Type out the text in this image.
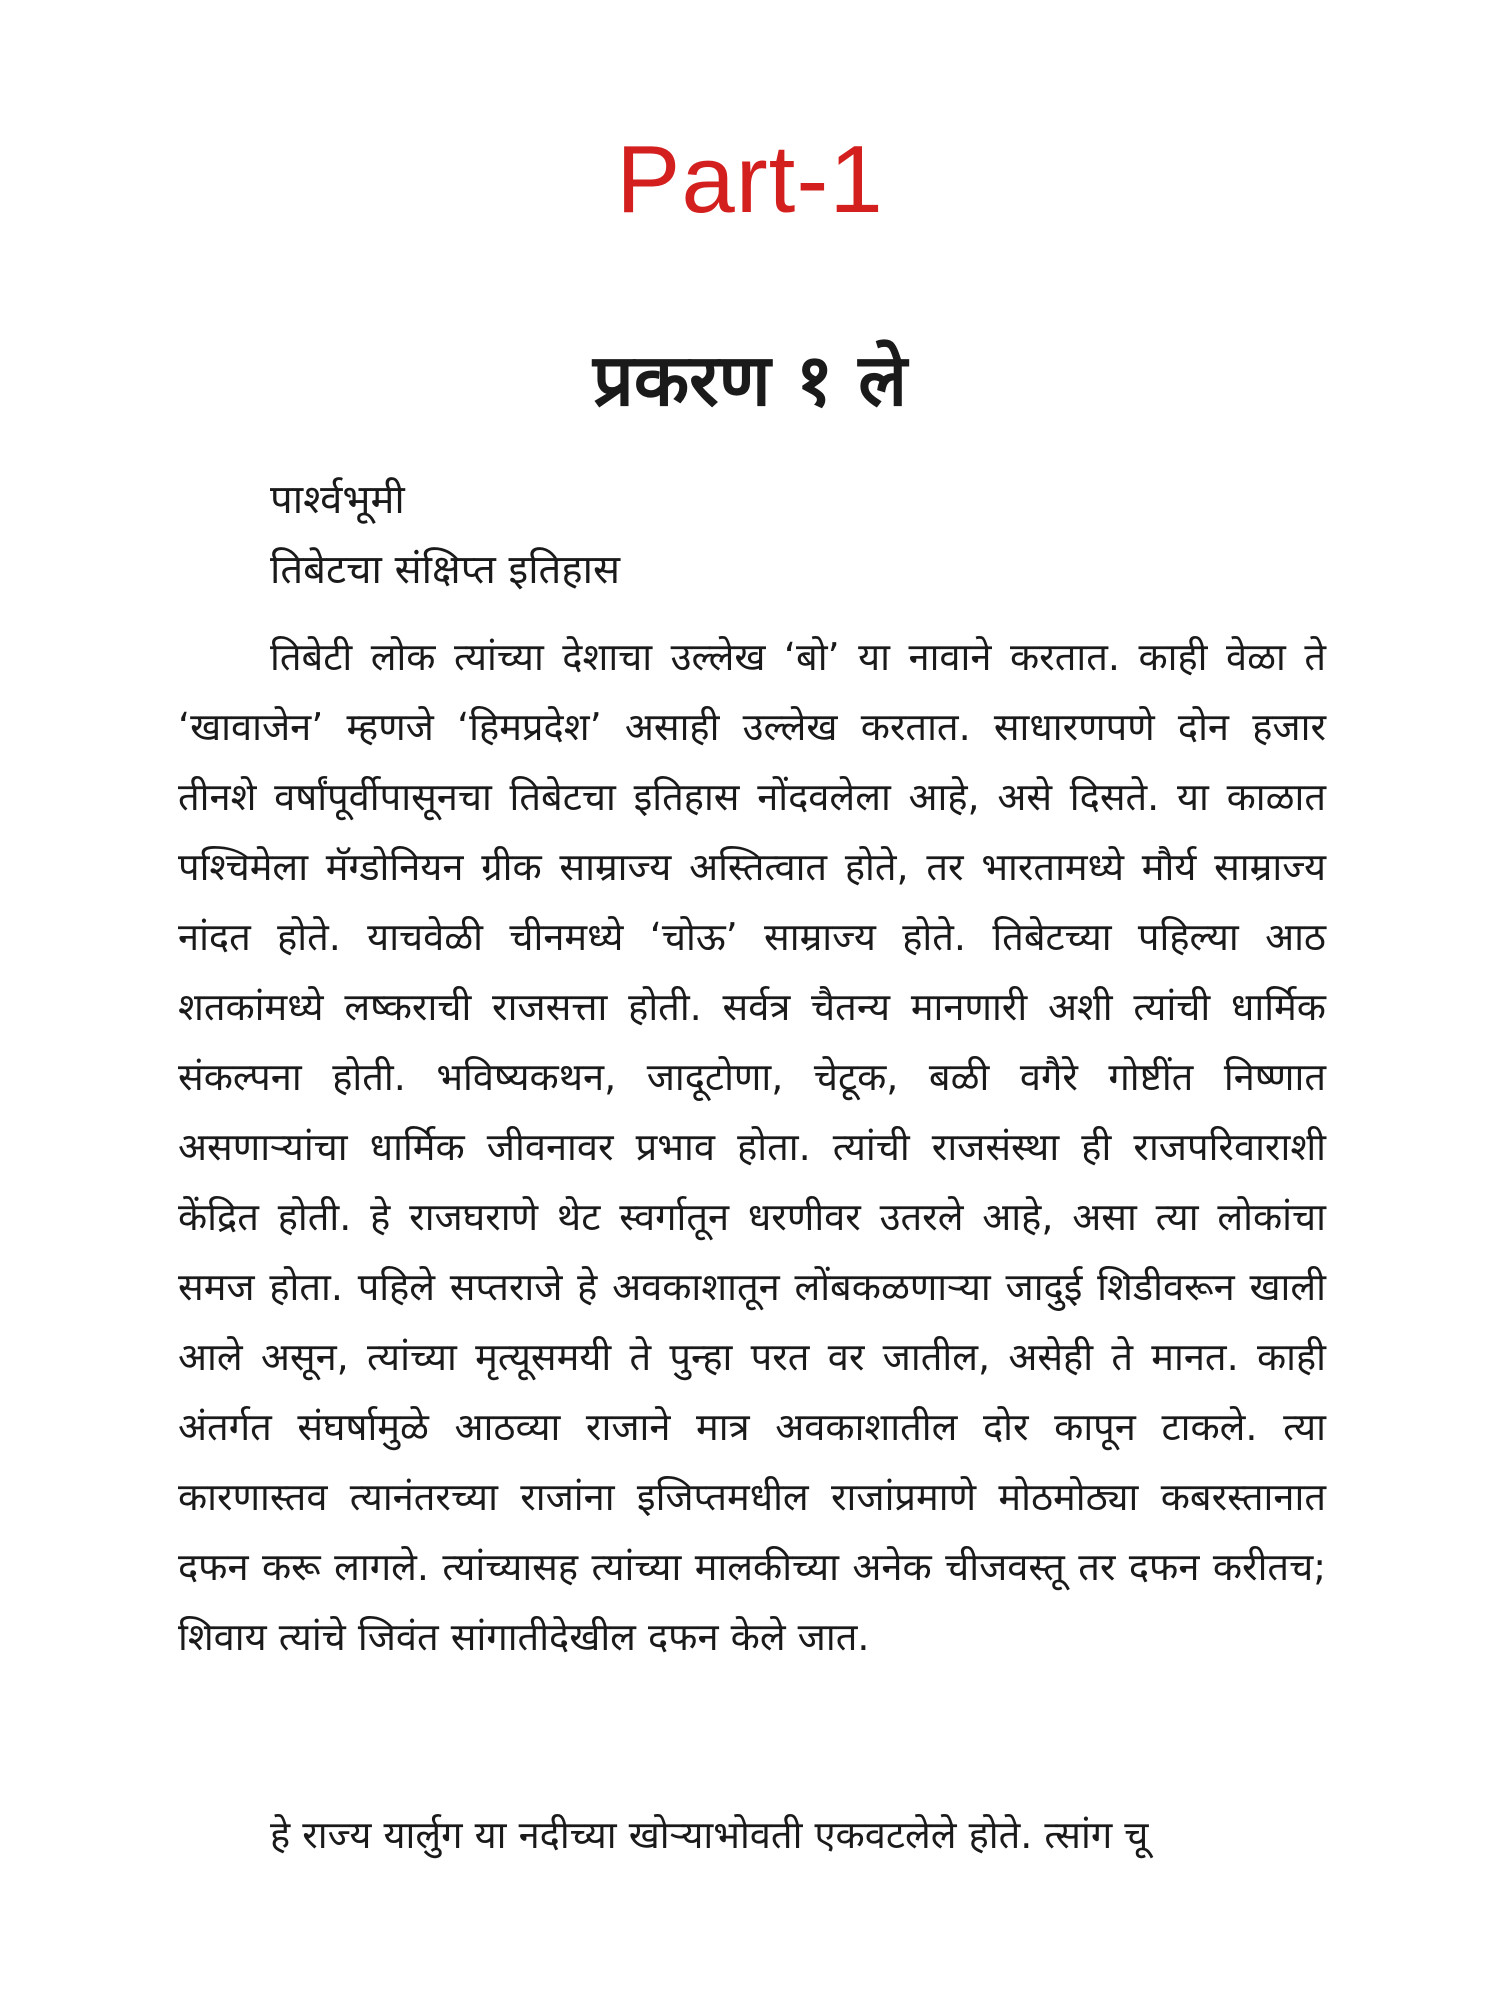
Part-1
प्रकरण १ ले
पार्श्वभूमी
तिबेटचा संक्षिप्त इतिहास

तिबेटी लोक त्यांच्या देशाचा उल्लेख ‘बो’ या नावाने करतात. काही वेळा ते ‘खावाजेन’ म्हणजे ‘हिमप्रदेश’ असाही उल्लेख करतात. साधारणपणे दोन हजार तीनशे वर्षांपूर्वीपासूनचा तिबेटचा इतिहास नोंदवलेला आहे, असे दिसते. या काळात पश्चिमेला मॅग्डोनियन ग्रीक साम्राज्य अस्तित्वात होते, तर भारतामध्ये मौर्य साम्राज्य नांदत होते. याचवेळी चीनमध्ये ‘चोऊ’ साम्राज्य होते. तिबेटच्या पहिल्या आठ शतकांमध्ये लष्कराची राजसत्ता होती. सर्वत्र चैतन्य मानणारी अशी त्यांची धार्मिक संकल्पना होती. भविष्यकथन, जादूटोणा, चेटूक, बळी वगैरे गोष्टींत निष्णात असणाऱ्यांचा धार्मिक जीवनावर प्रभाव होता. त्यांची राजसंस्था ही राजपरिवाराशी केंद्रित होती. हे राजघराणे थेट स्वर्गातून धरणीवर उतरले आहे, असा त्या लोकांचा समज होता. पहिले सप्तराजे हे अवकाशातून लोंबकळणाऱ्या जादुई शिडीवरून खाली आले असून, त्यांच्या मृत्यूसमयी ते पुन्हा परत वर जातील, असेही ते मानत. काही अंतर्गत संघर्षामुळे आठव्या राजाने मात्र अवकाशातील दोर कापून टाकले. त्या कारणास्तव त्यानंतरच्या राजांना इजिप्तमधील राजांप्रमाणे मोठमोठ्या कबरस्तानात दफन करू लागले. त्यांच्यासह त्यांच्या मालकीच्या अनेक चीजवस्तू तर दफन करीतच; शिवाय त्यांचे जिवंत सांगातीदेखील दफन केले जात.

हे राज्य यार्लुग या नदीच्या खोऱ्याभोवती एकवटलेले होते. त्सांग चू
